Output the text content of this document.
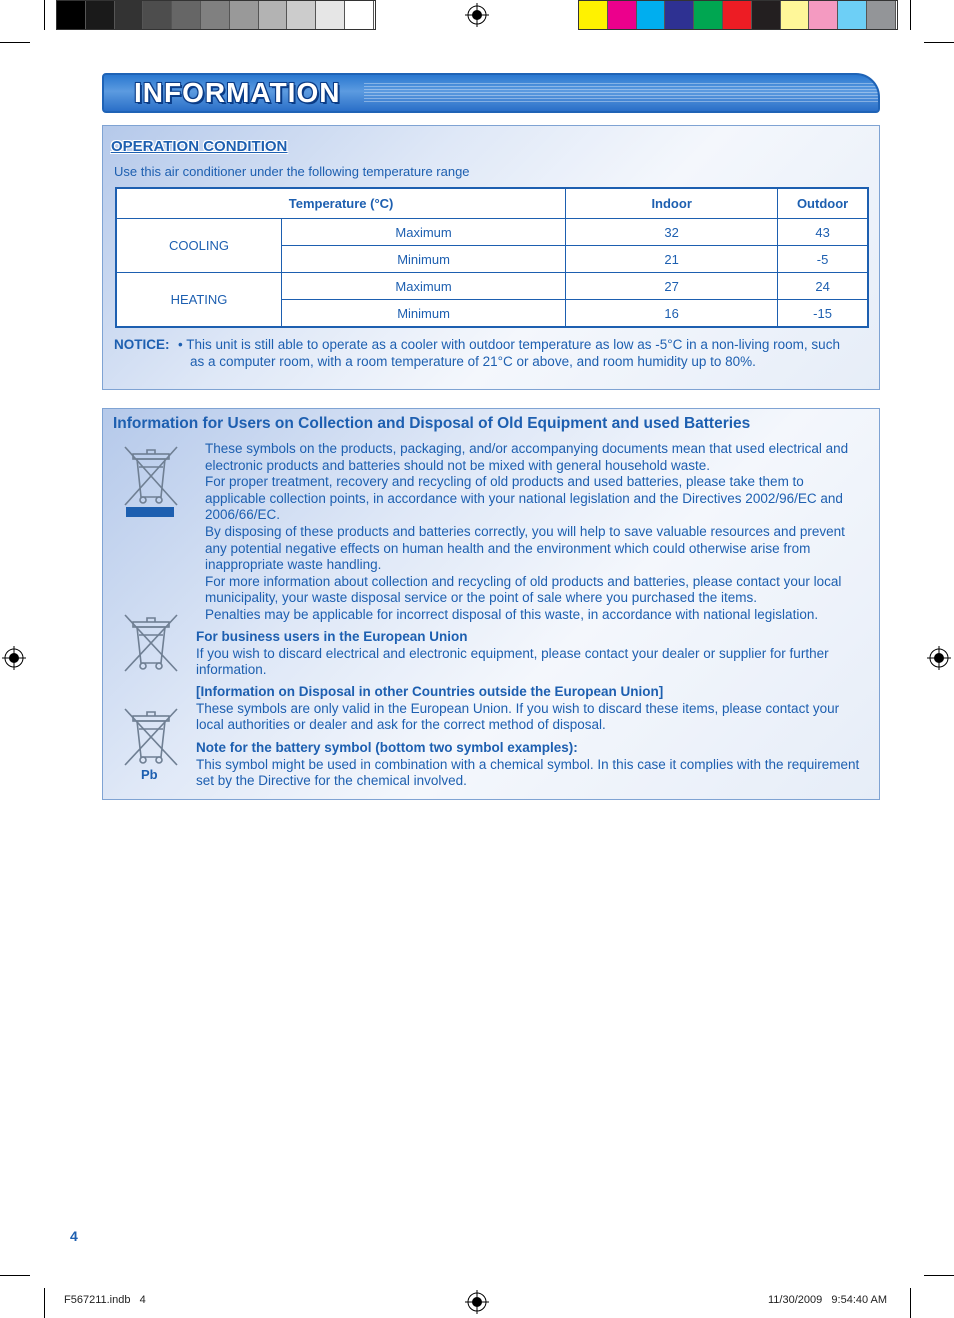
INFORMATION
OPERATION CONDITION
Use this air conditioner under the following temperature range
Temperature (°C)		Indoor	Outdoor
COOLING	Maximum	32	43
	Minimum	21	-5
HEATING	Maximum	27	24
	Minimum	16	-15
NOTICE: • This unit is still able to operate as a cooler with outdoor temperature as low as -5°C in a non-living room, such
as a computer room, with a room temperature of 21°C or above, and room humidity up to 80%.
Information for Users on Collection and Disposal of Old Equipment and used Batteries
Pb
These symbols on the products, packaging, and/or accompanying documents mean that used electrical and electronic products and batteries should not be mixed with general household waste.
For proper treatment, recovery and recycling of old products and used batteries, please take them to applicable collection points, in accordance with your national legislation and the Directives 2002/96/EC and 2006/66/EC.
By disposing of these products and batteries correctly, you will help to save valuable resources and prevent any potential negative effects on human health and the environment which could otherwise arise from inappropriate waste handling.
For more information about collection and recycling of old products and batteries, please contact your local municipality, your waste disposal service or the point of sale where you purchased the items.
Penalties may be applicable for incorrect disposal of this waste, in accordance with national legislation.
For business users in the European Union
If you wish to discard electrical and electronic equipment, please contact your dealer or supplier for further information.
[Information on Disposal in other Countries outside the European Union]
These symbols are only valid in the European Union. If you wish to discard these items, please contact your local authorities or dealer and ask for the correct method of disposal.
Note for the battery symbol (bottom two symbol examples):
This symbol might be used in combination with a chemical symbol. In this case it complies with the requirement set by the Directive for the chemical involved.
4
F567211.indb   4	11/30/2009   9:54:40 AM
